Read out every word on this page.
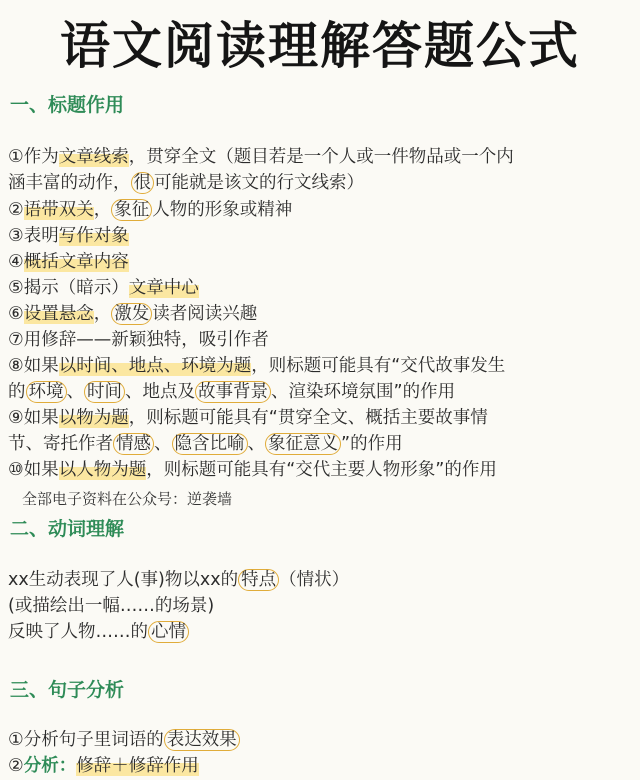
语文阅读理解答题公式
一、标题作用
①作为文章线索，贯穿全文（题目若是一个人或一件物品或一个内
涵丰富的动作， 很 可能就是该文的行文线索）
②语带双关， 象征 人物的形象或精神
③表明写作对象
④概括文章内容
⑤揭示（暗示）文章中心
⑥设置悬念， 激发 读者阅读兴趣
⑦用修辞——新颖独特，吸引作者
⑧如果以时间、地点、环境为题，则标题可能具有“交代故事发生
的 环境 、 时间 、地点及 故事背景 、渲染环境氛围”的作用
⑨如果以物为题，则标题可能具有“贯穿全文、概括主要故事情
节、寄托作者 情感 、 隐含比喻 、 象征意义 ”的作用
⑩如果以人物为题，则标题可能具有“交代主要人物形象”的作用
二、动词理解
xx生动表现了人(事)物以xx的 特点 （情状）
(或描绘出一幅……的场景)
反映了人物……的 心情
三、句子分析
①分析句子里词语的 表达效果
②分析：修辞＋修辞作用
全部电子资料在公众号：逆袭墙
